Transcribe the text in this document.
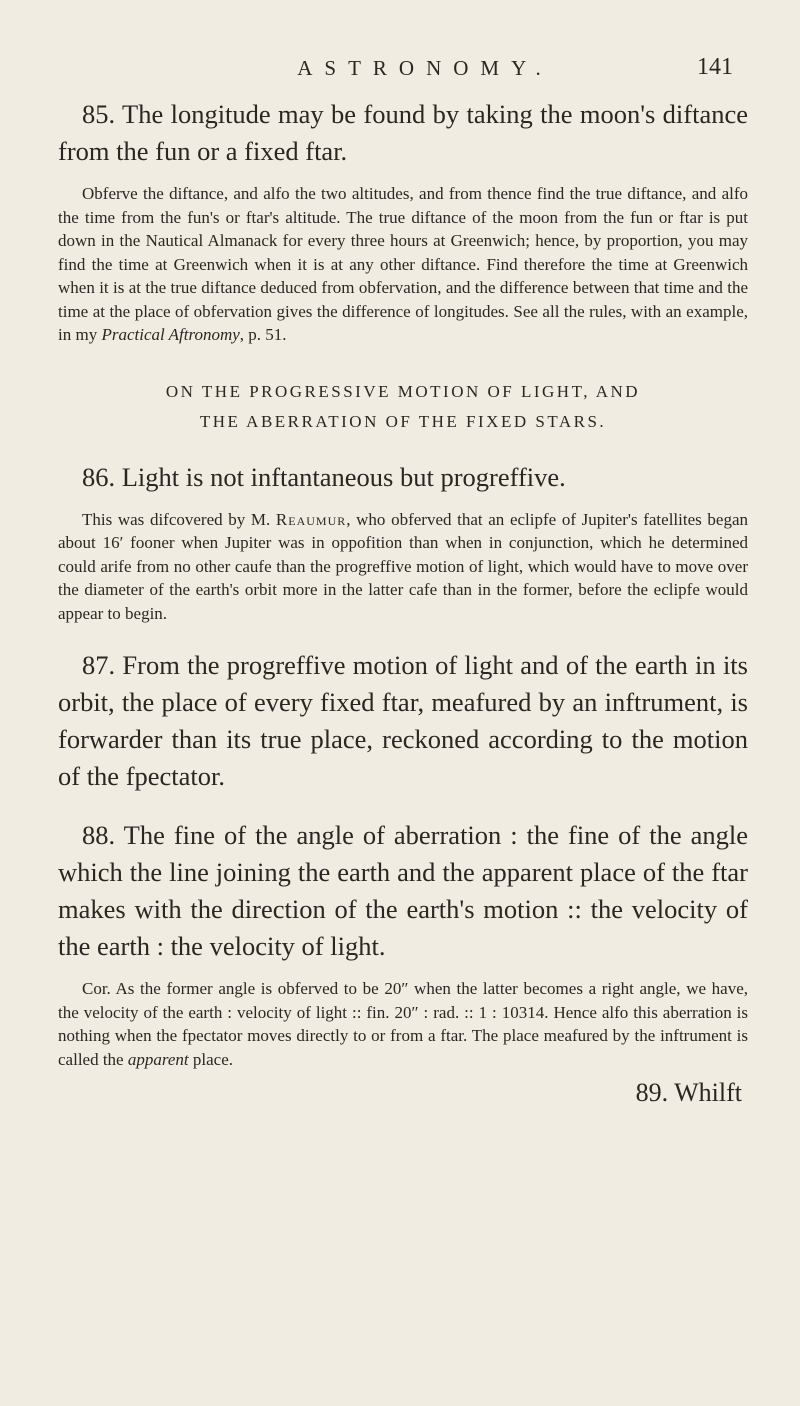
ASTRONOMY.	141

85. The longitude may be found by taking the moon's diftance from the fun or a fixed ftar.

Obferve the diftance, and alfo the two altitudes, and from thence find the true diftance, and alfo the time from the fun's or ftar's altitude. The true diftance of the moon from the fun or ftar is put down in the Nautical Almanack for every three hours at Greenwich; hence, by proportion, you may find the time at Greenwich when it is at any other diftance. Find therefore the time at Greenwich when it is at the true diftance deduced from obfervation, and the difference between that time and the time at the place of obfervation gives the difference of longitudes. See all the rules, with an example, in my Practical Aftronomy, p. 51.

ON THE PROGRESSIVE MOTION OF LIGHT, AND

THE ABERRATION OF THE FIXED STARS.

86. Light is not inftantaneous but progreffive.

This was difcovered by M. Reaumur, who obferved that an eclipfe of Jupiter's fatellites began about 16′ fooner when Jupiter was in oppofition than when in conjunction, which he determined could arife from no other caufe than the progreffive motion of light, which would have to move over the diameter of the earth's orbit more in the latter cafe than in the former, before the eclipfe would appear to begin.

87. From the progreffive motion of light and of the earth in its orbit, the place of every fixed ftar, meafured by an inftrument, is forwarder than its true place, reckoned according to the motion of the fpectator.

88. The fine of the angle of aberration : the fine of the angle which the line joining the earth and the apparent place of the ftar makes with the direction of the earth's motion :: the velocity of the earth : the velocity of light.

Cor. As the former angle is obferved to be 20″ when the latter becomes a right angle, we have, the velocity of the earth : velocity of light :: fin. 20″ : rad. :: 1 : 10314. Hence alfo this aberration is nothing when the fpectator moves directly to or from a ftar. The place meafured by the inftrument is called the apparent place.

89. Whilft
